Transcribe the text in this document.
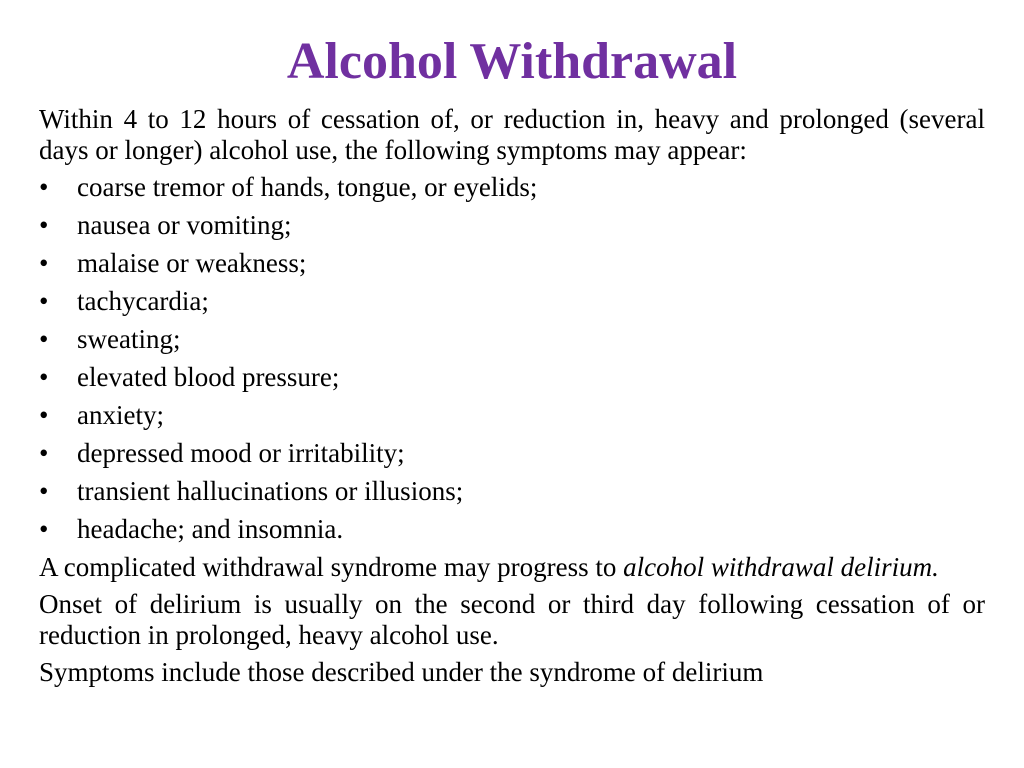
Alcohol Withdrawal

Within 4 to 12 hours of cessation of, or reduction in, heavy and prolonged (several days or longer) alcohol use, the following symptoms may appear:

• coarse tremor of hands, tongue, or eyelids;
• nausea or vomiting;
• malaise or weakness;
• tachycardia;
• sweating;
• elevated blood pressure;
• anxiety;
• depressed mood or irritability;
• transient hallucinations or illusions;
• headache; and insomnia.

A complicated withdrawal syndrome may progress to alcohol withdrawal delirium.

Onset of delirium is usually on the second or third day following cessation of or reduction in prolonged, heavy alcohol use.

Symptoms include those described under the syndrome of delirium
